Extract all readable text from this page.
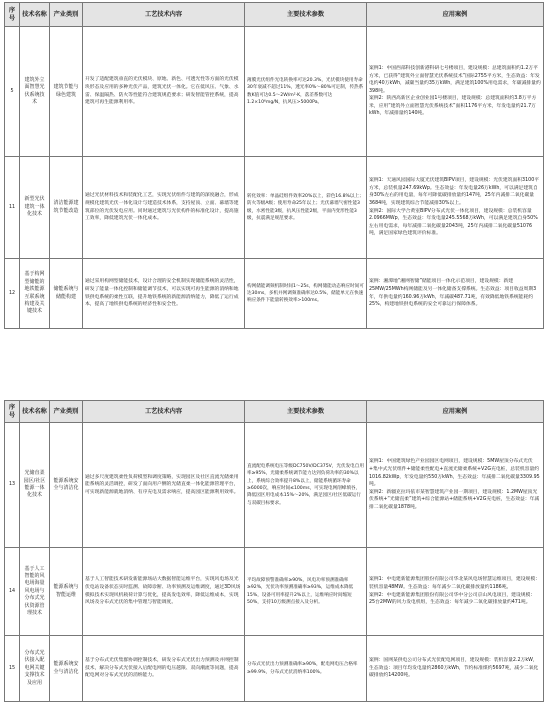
序号	技术名称	产业类别	工艺技术内容	主要技术参数	应用案例
5	建筑外立面智慧光伏系统技术	建筑节能与绿色建筑	开发了适配建筑垂直的光伏模块、原地、新色、可透光性等方面的光伏模块形态及应用的多种光伏产品，建筑光伏一体化。它在低风压、气象、水雷、保温隔热、防火等性能符合建筑规范要求；研发智能管控系统，提高建筑可再生能源利用率。	薄膜光伏组件光电转换率可达20.3%，光伏模块使用寿命30年衰减不超过11%，透光率0%～80%可定制，传热系数K值可达0.5～2W/m²·K，落差系数可达1.2×10⁶mg/N，抗风压>5000Pa。	案例1：中国西部科技创新港科研七号楼项目，建设规模：总建筑面积约1.2万平方米，已获得“建筑外立面智慧光伏系统技术”国际2755平方米，生态效益：年发电约40万kWh，减碳当量约35万kWh，满足建筑100%用电需求，年碳减排量约398吨。
案例2：陕西高新区企业创业园1号楼项目，建设规模：总建筑面积约3.8万平方米，应用“建筑外立面智慧光伏系统技术”面积1176平方米，年发电量约21.7万kWh，年减排量约140吨。
11	新型光伏建筑一体化技术	清洁能源建筑节能改造	通过光伏材料技术和装配化工艺，实现光伏组件与建筑的深度融合，形成规模化建筑光伏一体化设计与建造技术体系，支持屋顶、立面、幕墙等建筑部位的光伏发电应用。同时通过建筑与光伏构件的标准化设计，提高施工效率，降低建筑光伏一体化成本。	转化效率：单晶硅组件效率20%以上，彩色16.8%以上；防火等级A级；使用寿命25年以上；光伏幕墙气密性能3级，水密性能3级，抗风压性能2级，平面内变形性能3级，抗震满足规范要求。	案例1：天通风园国际大厦光伏建筑BIPV项目，建设规模：光伏建筑面积3100平方米，总装机量247.69kWp。生态效益：年发电量26万kWh，可以满足建筑自身30%左右的用电量，每年可降低碳排放量约147吨，25年内减排二氧化碳量3684吨，实现建筑综合节能减排30%以上。
案例2：国际大学合黄室BIPV分布式光伏一体化项目，建设规模：总装机容量2.0966MWp，生态效益：年发电量245.5568万kWh，可以满足建筑自身50%左右用电需求，每年减排二氧化碳量2043吨，25年内减排二氧化碳量51076吨，满足国家绿色建筑评价标准。
12	基于构网型储能的地铁能源互联系统构建及关键技术	储能系统与储能构建	通过采用构网型储能技术，设计合理的安全机制实现储能系统的灵活性，研发了能量一体化控制和储能调节技术，可以实现可再生能源的消纳和地铁供电系统的柔性互联，提升地铁系统的新能源消纳能力，降低了运行成本，提高了地铁供电系统的经济性和安全性。	构网储能调频机制时间1～25s，构网储能动态响应时间可达30ms，多机并网调频准确率达0.5%，储能单元在快速响应条件下能量转换效率>100ms。	案例：湘潭地“湘网智储”储能项目一体化示范项目，建设规模：新建25MW/25MWh构网储能及另一体化储备支撑系统。生态效益：项目收益周期3年，年供电量约160.96万kWh，年减碳487.71吨，有效降低地铁系统能耗约25%，构建地铁供电系统的安全可靠运行保障体系。
序号	技术名称	产业类别	工艺技术内容	主要技术参数	应用案例
13	光储直柔园区/社区能源一体化技术	能源系统安全与清洁化	通过多尺度建筑柔性负荷模型和调度策略，实现园区及社区直流光储柔用能系统的灵活调控，研发了面向用户侧的光储直柔一体化能源管理平台，可实现新能源就地消纳、有序充电及需求响应，提高园区能源利用效率。	直流配电系统电压等级DC750V/DC375V，光伏发电自用率≥95%，光储柔系统调节能力达到负荷功率的30%以上，系统综合效率提升8%以上，储能系统循环寿命≥6000次，响应时间≤100ms，可实现电网削峰填谷，降低园区用电成本15%～20%，满足园区/社区低碳运行与双碳目标要求。	案例1：中国建筑绿色产业园园区电网项目，建设规模：5MW屋顶分布式光伏+集中式光伏组件+储能柔性配电+直流光储柔系统+V2G充电桩，总装机容量约1016.82kWp，年发电量约550万kWh，生态效益：年减排二氧化碳量3309.95吨。
案例2：新疆克拉玛依市某智慧建筑产业园一期项目，建设规模：1.2MW屋顶光伏系统+“光储直柔”建筑+综合能源站+储能系统+V2G充电桩，生态效益：年减排二氧化碳量1878吨。
14	基于人工智能的风电场海量风电场与分布式光伏资源管理技术	能源系统与智能运维	基于人工智能技术研发新能源场站大数据智能运维平台，实现风电场及光伏电站设备状态实时监测、故障诊断、功率预测及运维调度，通过3D风场模拟技术实现风机载荷计算与优化，提高发电效率，降低运维成本，实现风场及分布式光伏的集中管理与智能调度。	平均故障预警准确率≥90%，风电功率预测准确率≥92%，光伏功率预测准确率≥93%，运维成本降低15%，设备可用率提升2%以上，运维响应时间缩短50%，支持10万级测点接入及分析。	案例1：中电建新能源集团股份有限公司华北某风电场智慧运维项目，建设规模：装机容量48MW。生态效益：每年减少二氧化碳排放量约1186吨。
案例2：中电建新能源集团股份有限公司华中分公司京山风电项目，建设规模：25台2MW的风力发电机组，生态效益：每年减少二氧化碳排放量约471吨。
15	分布式光伏接入配电网关键支撑技术及应用	能源系统安全与清洁化	基于分布式光伏集群协调控制技术，研发分布式光伏出力预测及并网控制技术，解决分布式光伏接入后配电网的电压越限、双向潮流等问题，提高配电网对分布式光伏的消纳能力。	分布式光伏出力预测准确率≥90%，配电网电压合格率≥99.9%，分布式光伏消纳率100%。	案例：国网某供电公司分布式光伏配电网项目，建设规模：装机容量2.2万kW，生态效益：项目年均发电量约2860万kWh，节约标准煤约5697吨，减少二氧化碳排放约14200吨。
